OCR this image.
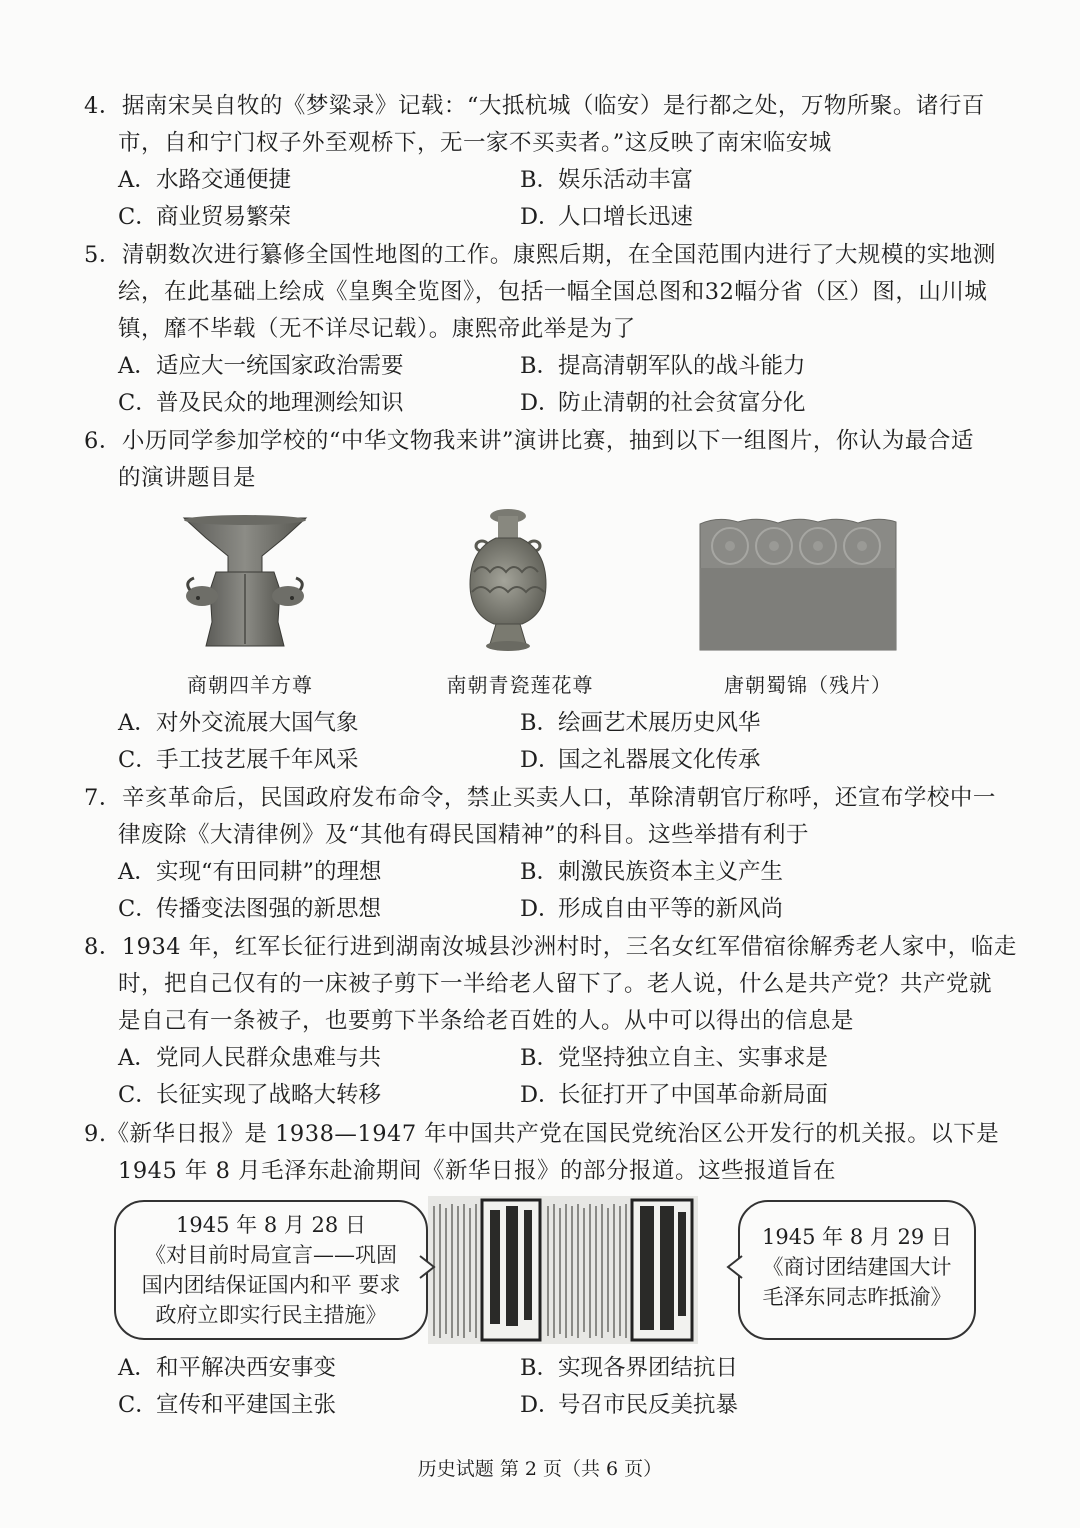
4．据南宋吴自牧的《梦粱录》记载：“大抵杭城（临安）是行都之处，万物所聚。诸行百
市，自和宁门杈子外至观桥下，无一家不买卖者。”这反映了南宋临安城
A．水路交通便捷	B．娱乐活动丰富
C．商业贸易繁荣	D．人口增长迅速
5．清朝数次进行纂修全国性地图的工作。康熙后期，在全国范围内进行了大规模的实地测
绘，在此基础上绘成《皇舆全览图》，包括一幅全国总图和32幅分省（区）图，山川城
镇，靡不毕载（无不详尽记载）。康熙帝此举是为了
A．适应大一统国家政治需要	B．提高清朝军队的战斗能力
C．普及民众的地理测绘知识	D．防止清朝的社会贫富分化
6．小历同学参加学校的“中华文物我来讲”演讲比赛，抽到以下一组图片，你认为最合适
的演讲题目是
商朝四羊方尊	南朝青瓷莲花尊	唐朝蜀锦（残片）
A．对外交流展大国气象	B．绘画艺术展历史风华
C．手工技艺展千年风采	D．国之礼器展文化传承
7．辛亥革命后，民国政府发布命令，禁止买卖人口，革除清朝官厅称呼，还宣布学校中一
律废除《大清律例》及“其他有碍民国精神”的科目。这些举措有利于
A．实现“有田同耕”的理想	B．刺激民族资本主义产生
C．传播变法图强的新思想	D．形成自由平等的新风尚
8．1934 年，红军长征行进到湖南汝城县沙洲村时，三名女红军借宿徐解秀老人家中，临走
时，把自己仅有的一床被子剪下一半给老人留下了。老人说，什么是共产党？共产党就
是自己有一条被子，也要剪下半条给老百姓的人。从中可以得出的信息是
A．党同人民群众患难与共	B．党坚持独立自主、实事求是
C．长征实现了战略大转移	D．长征打开了中国革命新局面
9.《新华日报》是 1938—1947 年中国共产党在国民党统治区公开发行的机关报。以下是
1945 年 8 月毛泽东赴渝期间《新华日报》的部分报道。这些报道旨在
1945 年 8 月 28 日
《对目前时局宣言——巩固
国内团结保证国内和平 要求
政府立即实行民主措施》
1945 年 8 月 29 日
《商讨团结建国大计
毛泽东同志昨抵渝》
A．和平解决西安事变	B．实现各界团结抗日
C．宣传和平建国主张	D．号召市民反美抗暴
历史试题 第 2 页（共 6 页）
